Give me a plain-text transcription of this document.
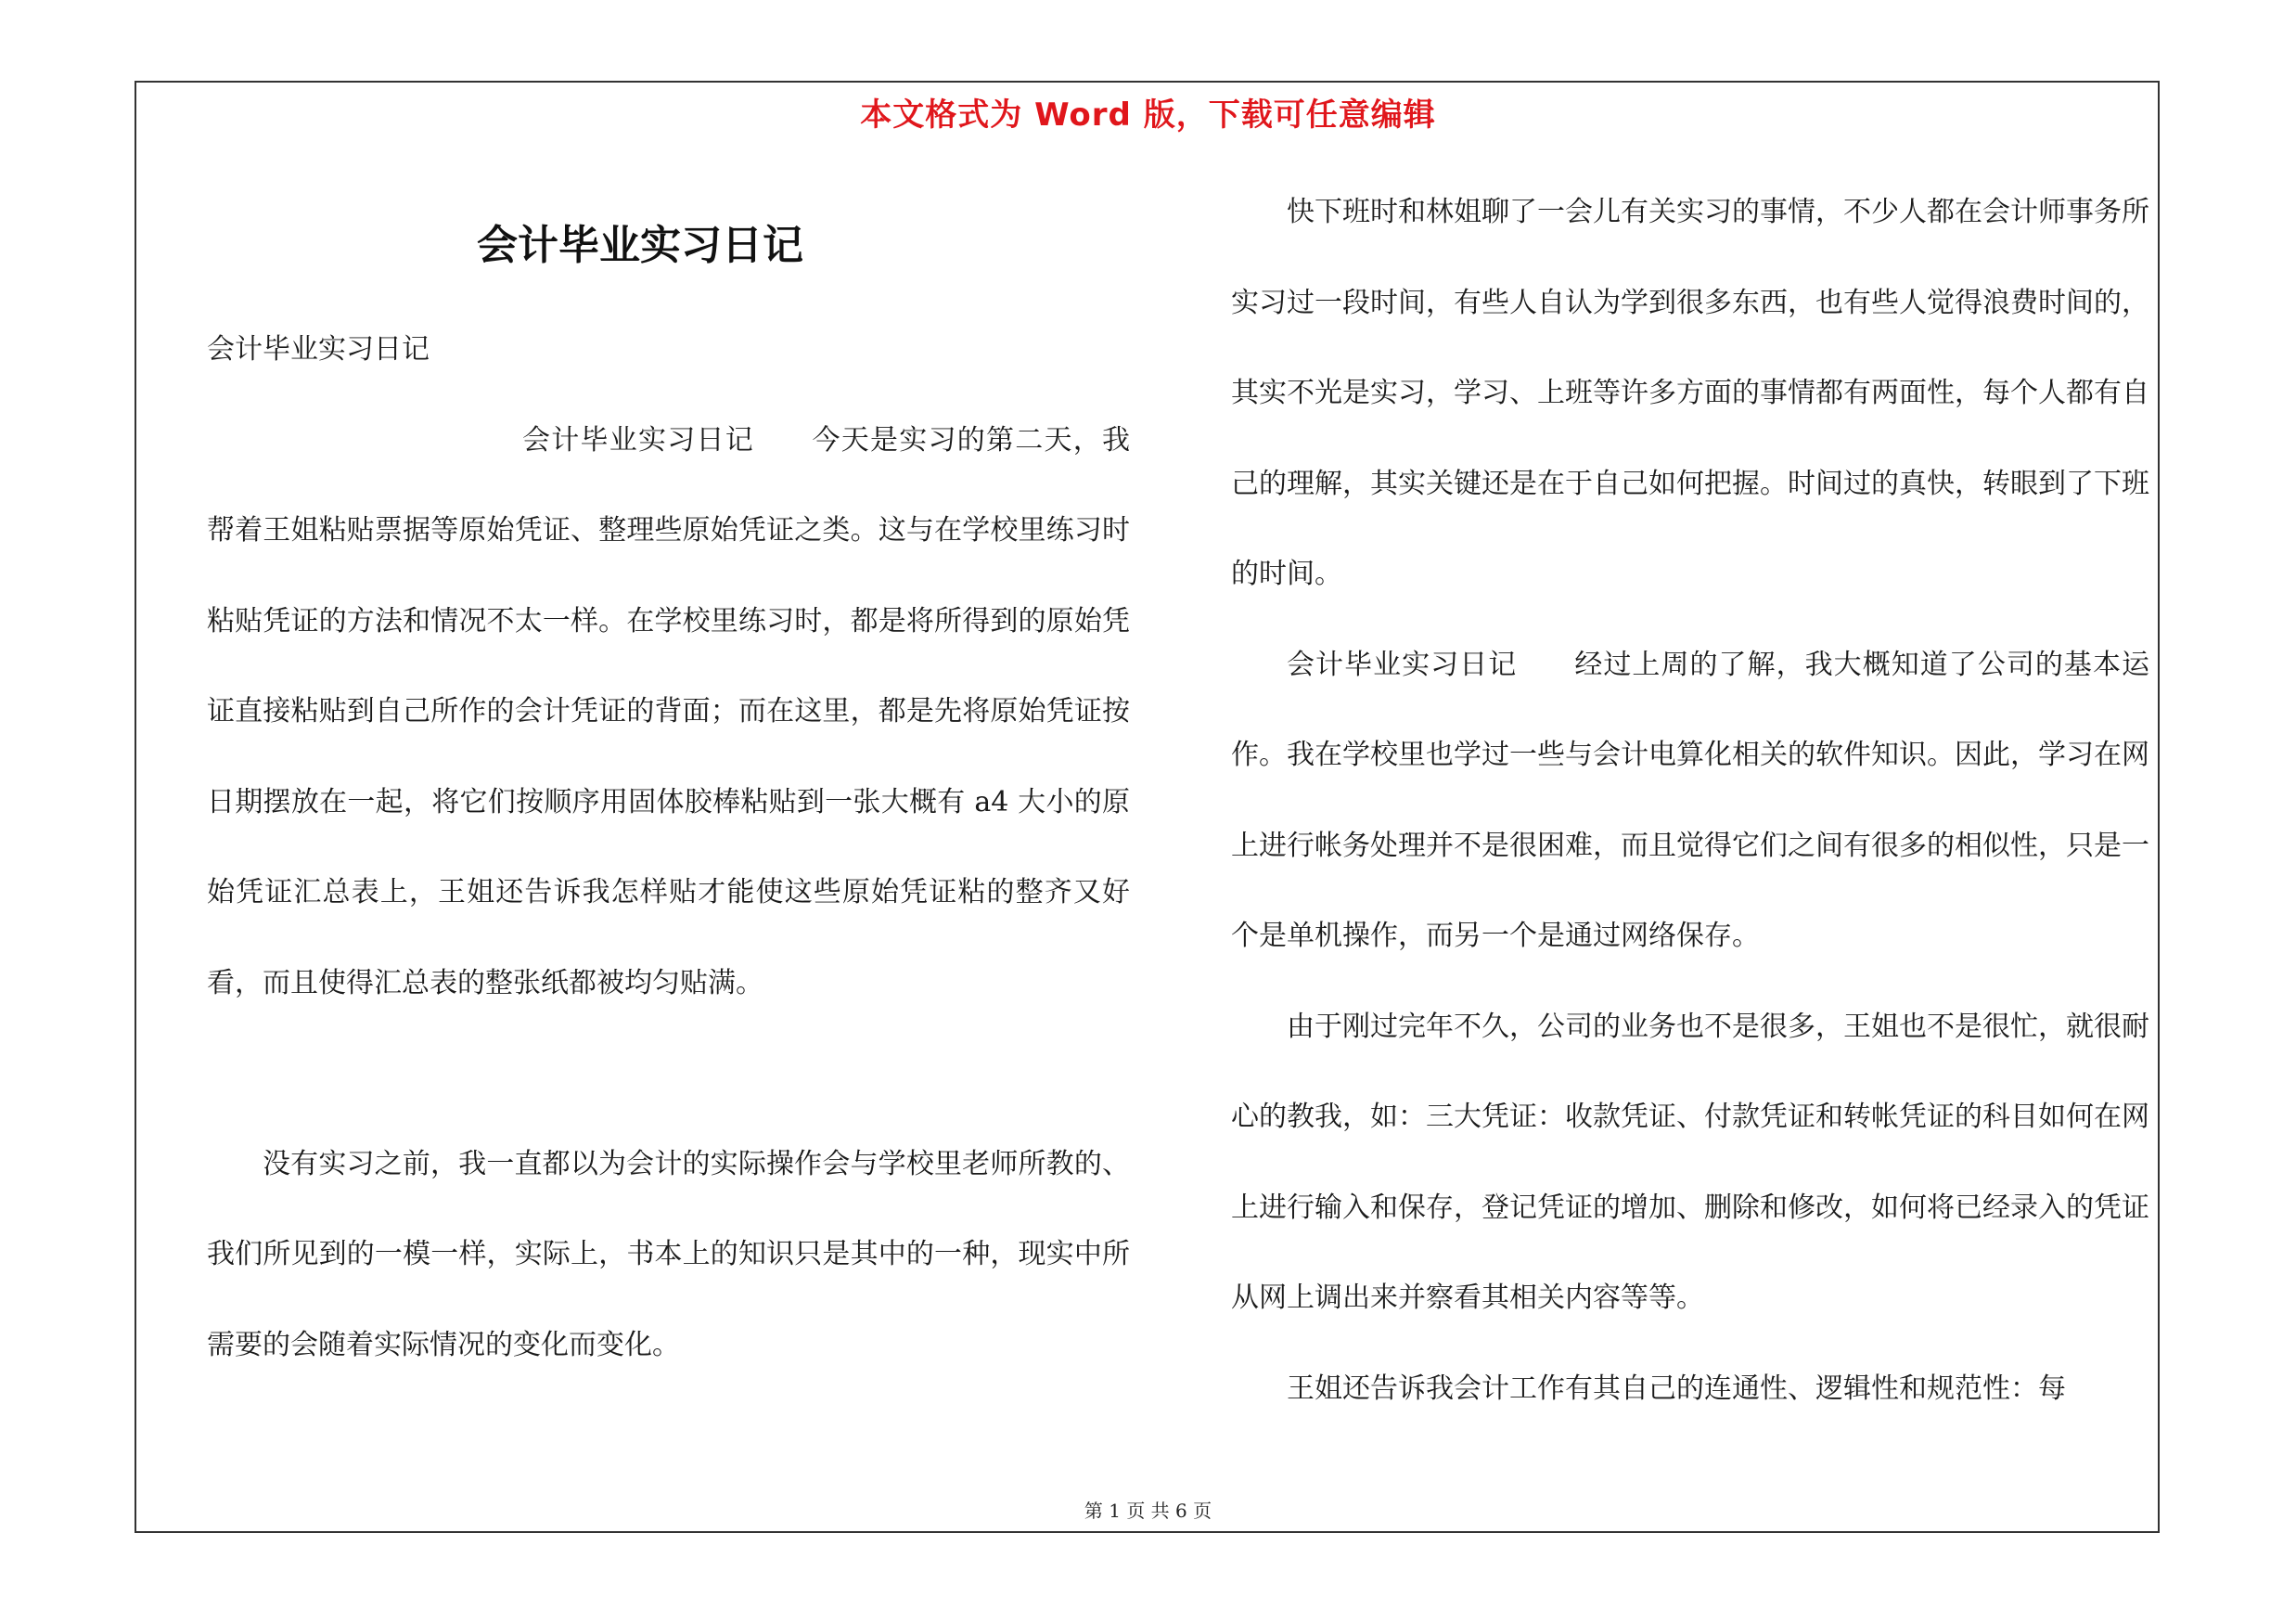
本文格式为 Word 版，下载可任意编辑
会计毕业实习日记

会计毕业实习日记

会计毕业实习日记　　今天是实习的第二天，我帮着王姐粘贴票据等原始凭证、整理些原始凭证之类。这与在学校里练习时粘贴凭证的方法和情况不太一样。在学校里练习时，都是将所得到的原始凭证直接粘贴到自己所作的会计凭证的背面；而在这里，都是先将原始凭证按日期摆放在一起，将它们按顺序用固体胶棒粘贴到一张大概有 a4 大小的原始凭证汇总表上，王姐还告诉我怎样贴才能使这些原始凭证粘的整齐又好看，而且使得汇总表的整张纸都被均匀贴满。

没有实习之前，我一直都以为会计的实际操作会与学校里老师所教的、我们所见到的一模一样，实际上，书本上的知识只是其中的一种，现实中所需要的会随着实际情况的变化而变化。

快下班时和林姐聊了一会儿有关实习的事情，不少人都在会计师事务所实习过一段时间，有些人自认为学到很多东西，也有些人觉得浪费时间的，其实不光是实习，学习、上班等许多方面的事情都有两面性，每个人都有自己的理解，其实关键还是在于自己如何把握。时间过的真快，转眼到了下班的时间。

会计毕业实习日记　　经过上周的了解，我大概知道了公司的基本运作。我在学校里也学过一些与会计电算化相关的软件知识。因此，学习在网上进行帐务处理并不是很困难，而且觉得它们之间有很多的相似性，只是一个是单机操作，而另一个是通过网络保存。

由于刚过完年不久，公司的业务也不是很多，王姐也不是很忙，就很耐心的教我，如：三大凭证：收款凭证、付款凭证和转帐凭证的科目如何在网上进行输入和保存，登记凭证的增加、删除和修改，如何将已经录入的凭证从网上调出来并察看其相关内容等等。

王姐还告诉我会计工作有其自己的连通性、逻辑性和规范性：每

第 1 页 共 6 页
